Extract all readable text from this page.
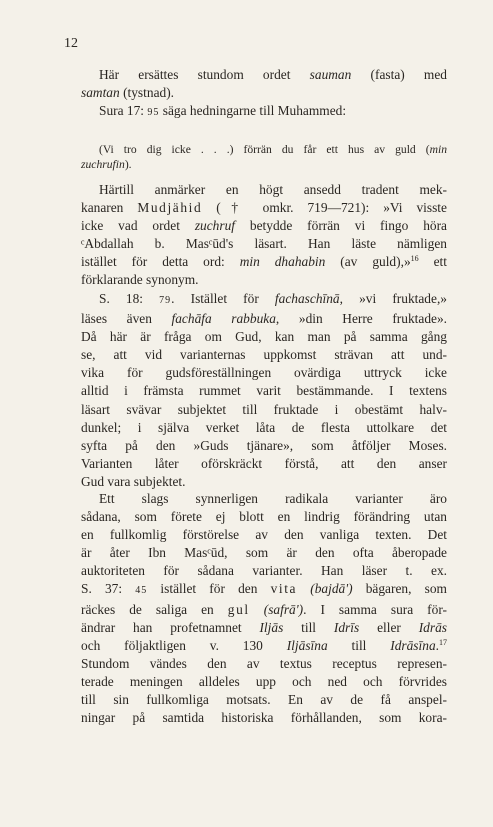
12
Här ersättes stundom ordet sauman (fasta) med
samtan (tystnad).
Sura 17: 95 säga hedningarne till Muhammed:
(Vi tro dig icke . . .) förrän du får ett hus av guld (min
zuchrufin).
Härtill anmärker en högt ansedd tradent mek-
kanaren Mudjähid († omkr. 719—721): »Vi visste
icke vad ordet zuchruf betydde förrän vi fingo höra
ᶜAbdallah b. Masᶜūd's läsart. Han läste nämligen
istället för detta ord: min dhahabin (av guld),»$^{16}$ ett
förklarande synonym.
S. 18: 79. Istället för fachaschīnā, »vi fruktade,»
läses även fachāfa rabbuka, »din Herre fruktade».
Då här är fråga om Gud, kan man på samma gång
se, att vid varianternas uppkomst strävan att und-
vika för gudsföreställningen ovärdiga uttryck icke
alltid i främsta rummet varit bestämmande. I textens
läsart svävar subjektet till fruktade i obestämt halv-
dunkel; i själva verket låta de flesta uttolkare det
syfta på den »Guds tjänare», som åtföljer Moses.
Varianten låter oförskräckt förstå, att den anser
Gud vara subjektet.
Ett slags synnerligen radikala varianter äro
sådana, som förete ej blott en lindrig förändring utan
en fullkomlig förstörelse av den vanliga texten. Det
är åter Ibn Masᶜūd, som är den ofta åberopade
auktoriteten för sådana varianter. Han läser t. ex.
S. 37: 45 istället för den vita (bajdā') bägaren, som
räckes de saliga en gul (safrā'). I samma sura för-
ändrar han profetnamnet Iljās till Idrīs eller Idrās
och följaktligen v. 130 Iljāsīna till Idrāsīna.$^{17}$
Stundom vändes den av textus receptus represen-
terade meningen alldeles upp och ned och förvrides
till sin fullkomliga motsats. En av de få anspel-
ningar på samtida historiska förhållanden, som kora-
